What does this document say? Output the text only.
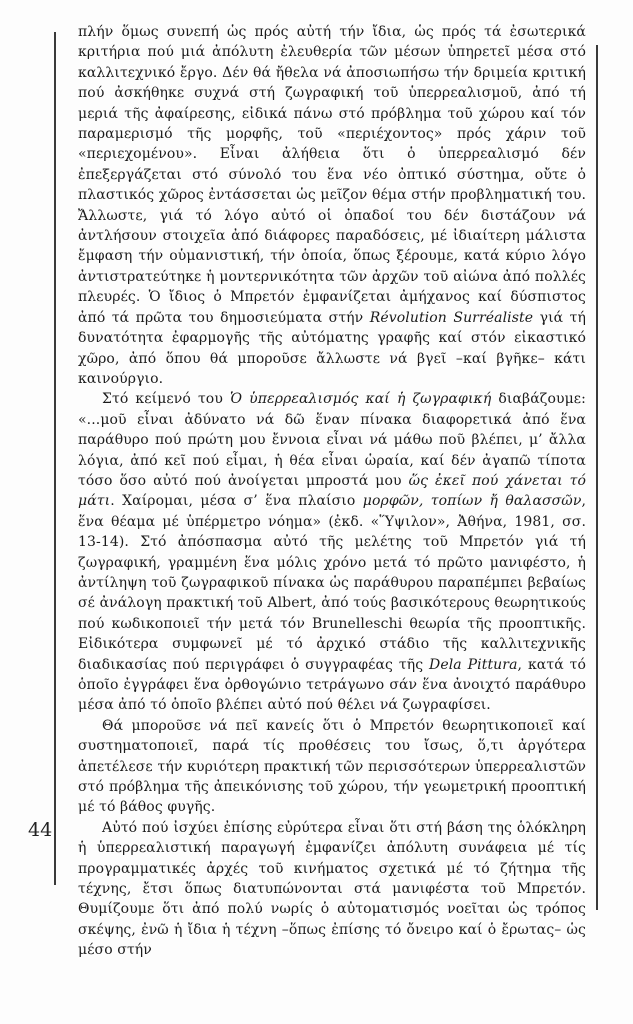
44

πλήν ὅμως συνεπή ὡς πρός αὐτή τήν ἴδια, ὡς πρός τά ἐσωτερικά κριτήρια πού μιά ἀπόλυτη ἐλευθερία τῶν μέσων ὑπηρετεῖ μέσα στό καλλιτεχνικό ἔργο. Δέν θά ἤθελα νά ἀποσιωπήσω τήν δριμεία κριτική πού ἀσκήθηκε συχνά στή ζωγραφική τοῦ ὑπερρεαλισμοῦ, ἀπό τή μεριά τῆς ἀφαίρεσης, εἰδικά πάνω στό πρόβλημα τοῦ χώρου καί τόν παραμερισμό τῆς μορφῆς, τοῦ «περιέχοντος» πρός χάριν τοῦ «περιεχομένου». Εἶναι ἀλήθεια ὅτι ὁ ὑπερρεαλισμό δέν ἐπεξεργάζεται στό σύνολό του ἕνα νέο ὀπτικό σύστημα, οὔτε ὁ πλαστικός χῶρος ἐντάσσεται ὡς μεῖζον θέμα στήν προβληματική του. Ἄλλωστε, γιά τό λόγο αὐτό οἱ ὀπαδοί του δέν διστάζουν νά ἀντλήσουν στοιχεῖα ἀπό διάφορες παραδόσεις, μέ ἰδιαίτερη μάλιστα ἔμφαση τήν οὑμανιστική, τήν ὁποία, ὅπως ξέρουμε, κατά κύριο λόγο ἀντιστρατεύτηκε ἡ μοντερνικότητα τῶν ἀρχῶν τοῦ αἰώνα ἀπό πολλές πλευρές. Ὁ ἴδιος ὁ Μπρετόν ἐμφανίζεται ἀμήχανος καί δύσπιστος ἀπό τά πρῶτα του δημοσιεύματα στήν Révolution Surréaliste γιά τή δυνατότητα ἐφαρμογῆς τῆς αὐτόματης γραφῆς καί στόν εἰκαστικό χῶρο, ἀπό ὅπου θά μποροῦσε ἄλλωστε νά βγεῖ –καί βγῆκε– κάτι καινούργιο.

Στό κείμενό του Ὁ ὑπερρεαλισμός καί ἡ ζωγραφική διαβάζουμε: «...μοῦ εἶναι ἀδύνατο νά δῶ ἕναν πίνακα διαφορετικά ἀπό ἕνα παράθυρο πού πρώτη μου ἔννοια εἶναι νά μάθω ποῦ βλέπει, μ’ ἄλλα λόγια, ἀπό κεῖ πού εἶμαι, ἡ θέα εἶναι ὡραία, καί δέν ἀγαπῶ τίποτα τόσο ὅσο αὐτό πού ἀνοίγεται μπροστά μου ὥς ἐκεῖ πού χάνεται τό μάτι. Χαίρομαι, μέσα σ’ ἕνα πλαίσιο μορφῶν, τοπίων ἤ θαλασσῶν, ἕνα θέαμα μέ ὑπέρμετρο νόημα» (ἐκδ. «Ὕψιλον», Ἀθήνα, 1981, σσ. 13-14). Στό ἀπόσπασμα αὐτό τῆς μελέτης τοῦ Μπρετόν γιά τή ζωγραφική, γραμμένη ἕνα μόλις χρόνο μετά τό πρῶτο μανιφέστο, ἡ ἀντίληψη τοῦ ζωγραφικοῦ πίνακα ὡς παράθυρου παραπέμπει βεβαίως σέ ἀνάλογη πρακτική τοῦ Albert, ἀπό τούς βασικότερους θεωρητικούς πού κωδικοποιεῖ τήν μετά τόν Brunelleschi θεωρία τῆς προοπτικῆς. Εἰδικότερα συμφωνεῖ μέ τό ἀρχικό στάδιο τῆς καλλιτεχνικῆς διαδικασίας πού περιγράφει ὁ συγγραφέας τῆς Dela Pittura, κατά τό ὁποῖο ἐγγράφει ἕνα ὀρθογώνιο τετράγωνο σάν ἕνα ἀνοιχτό παράθυρο μέσα ἀπό τό ὁποῖο βλέπει αὐτό πού θέλει νά ζωγραφίσει.

Θά μποροῦσε νά πεῖ κανείς ὅτι ὁ Μπρετόν θεωρητικοποιεῖ καί συστηματοποιεῖ, παρά τίς προθέσεις του ἴσως, ὅ,τι ἀργότερα ἀπετέλεσε τήν κυριότερη πρακτική τῶν περισσότερων ὑπερρεαλιστῶν στό πρόβλημα τῆς ἀπεικόνισης τοῦ χώρου, τήν γεωμετρική προοπτική μέ τό βάθος φυγῆς.

Αὐτό πού ἰσχύει ἐπίσης εὐρύτερα εἶναι ὅτι στή βάση της ὁλόκληρη ἡ ὑπερρεαλιστική παραγωγή ἐμφανίζει ἀπόλυτη συνάφεια μέ τίς προγραμματικές ἀρχές τοῦ κινήματος σχετικά μέ τό ζήτημα τῆς τέχνης, ἔτσι ὅπως διατυπώνονται στά μανιφέστα τοῦ Μπρετόν. Θυμίζουμε ὅτι ἀπό πολύ νωρίς ὁ αὐτοματισμός νοεῖται ὡς τρόπος σκέψης, ἐνῶ ἡ ἴδια ἡ τέχνη –ὅπως ἐπίσης τό ὄνειρο καί ὁ ἔρωτας– ὡς μέσο στήν
